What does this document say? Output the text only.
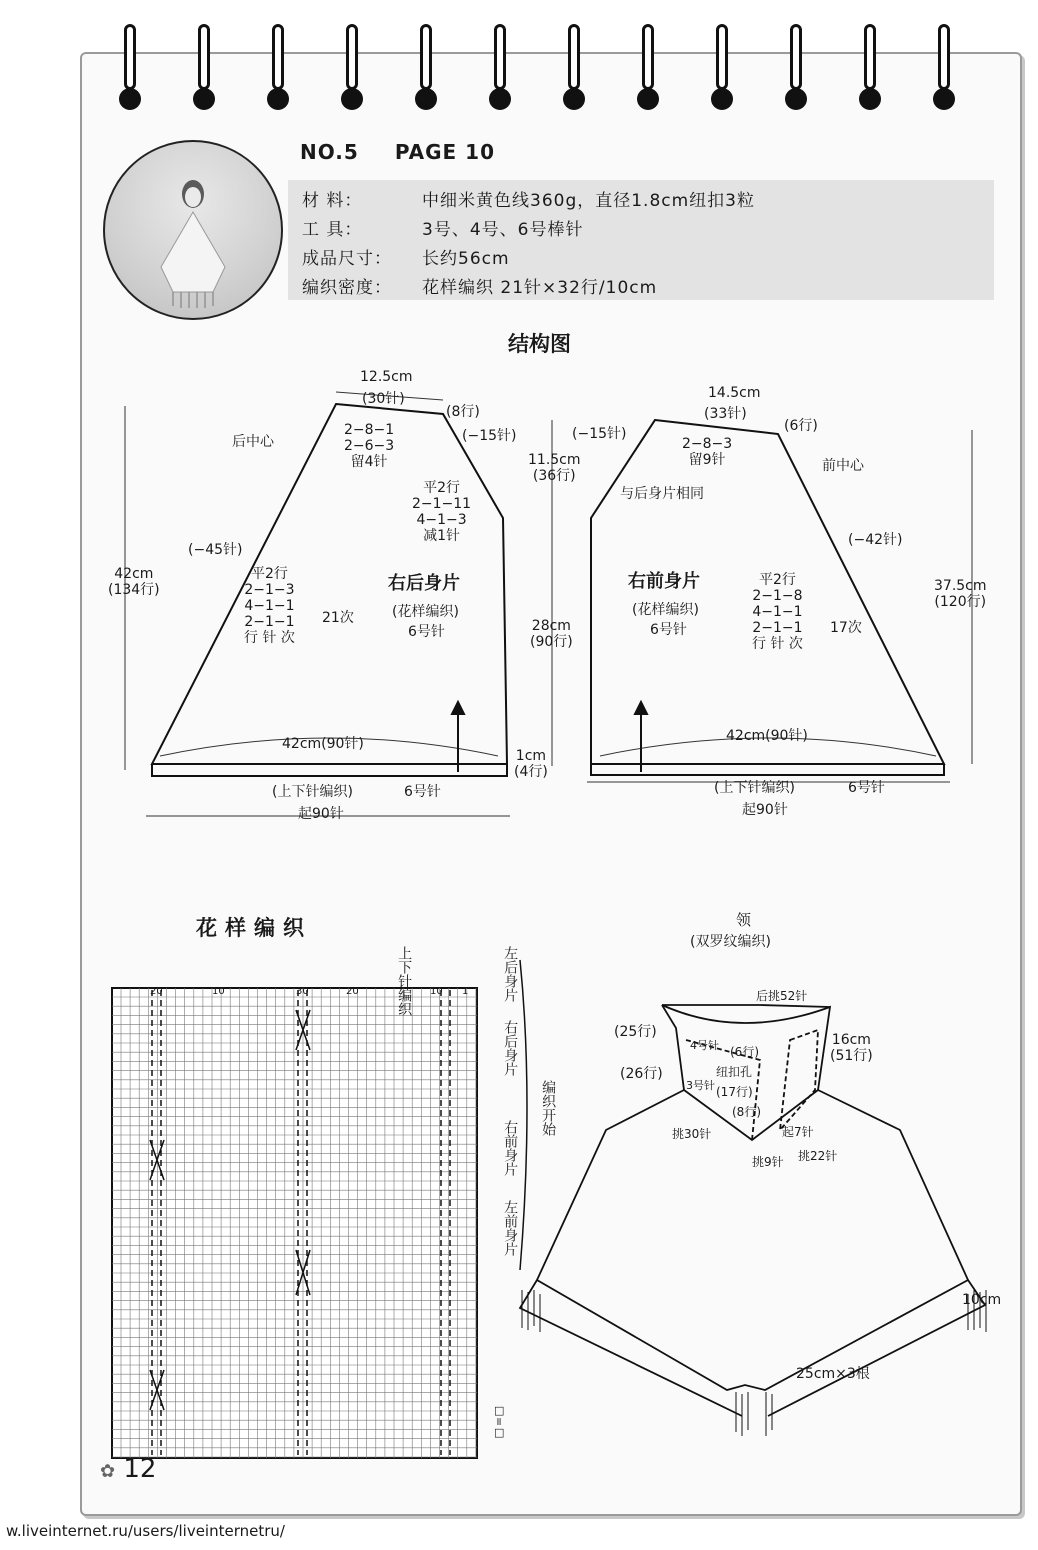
NO.5 PAGE 10
材 料：	中细米黄色线360g，直径1.8cm纽扣3粒
工 具：	3号、4号、6号棒针
成品尺寸： 长约56cm
编织密度： 花样编织 21针×32行/10cm
结构图
12.5cm
(30针)
(8行)
(−15针)
2−8−1
2−6−3
留4针
后中心
平2行
2−1−11
4−1−3
减1针
(−45针)
平2行
2−1−3
4−1−1
2−1−1
行 针 次
21次
右后身片
(花样编织)
6号针
42cm
(134行)
42cm(90针)
(上下针编织)	6号针
起90针
11.5cm
(36行)
28cm
(90行)
1cm
(4行)
14.5cm
(33针)
(6行)
(−15针)
2−8−3
留9针	前中心
与后身片相同
(−42针)
右前身片
(花样编织)
6号针
平2行
2−1−8
4−1−1
2−1−1
行 针 次
17次
37.5cm
(120行)
42cm(90针)
(上下针编织)	6号针
起90针
花样编织
20	10	30	20	10 1
上下针编织	左后身片
右后身片
右前身片
左前身片
编织开始
□=□
领
(双罗纹编织)
后挑52针
16cm
(51行)
(25行)
(26行)
4号针
3号针
(6行)
纽扣孔
(17行)
(8行)
挑30针	起7针
挑9针 挑22针
10cm
25cm×3根
✿ 12
w.liveinternet.ru/users/liveinternetru/
